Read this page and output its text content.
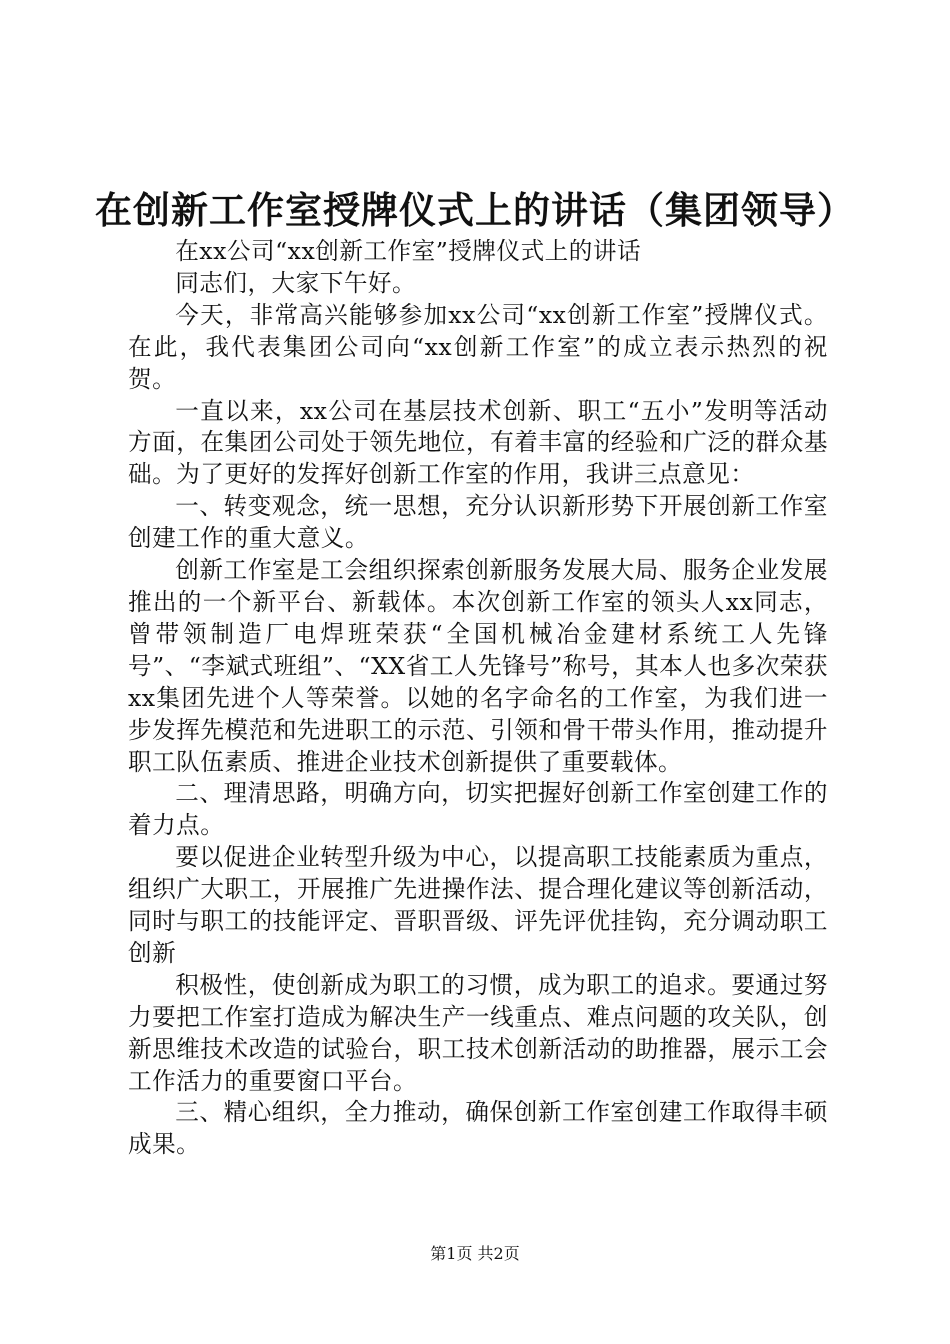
在创新工作室授牌仪式上的讲话（集团领导）

在xx公司“xx创新工作室”授牌仪式上的讲话

同志们，大家下午好。

今天，非常高兴能够参加xx公司“xx创新工作室”授牌仪式。在此，我代表集团公司向“xx创新工作室”的成立表示热烈的祝贺。

一直以来，xx公司在基层技术创新、职工“五小”发明等活动方面，在集团公司处于领先地位，有着丰富的经验和广泛的群众基础。为了更好的发挥好创新工作室的作用，我讲三点意见：

一、转变观念，统一思想，充分认识新形势下开展创新工作室创建工作的重大意义。

创新工作室是工会组织探索创新服务发展大局、服务企业发展推出的一个新平台、新载体。本次创新工作室的领头人xx同志，曾带领制造厂电焊班荣获“全国机械冶金建材系统工人先锋号”、“李斌式班组”、“XX省工人先锋号”称号，其本人也多次荣获xx集团先进个人等荣誉。以她的名字命名的工作室，为我们进一步发挥先模范和先进职工的示范、引领和骨干带头作用，推动提升职工队伍素质、推进企业技术创新提供了重要载体。

二、理清思路，明确方向，切实把握好创新工作室创建工作的着力点。

要以促进企业转型升级为中心，以提高职工技能素质为重点，组织广大职工，开展推广先进操作法、提合理化建议等创新活动，同时与职工的技能评定、晋职晋级、评先评优挂钩，充分调动职工创新

积极性，使创新成为职工的习惯，成为职工的追求。要通过努力要把工作室打造成为解决生产一线重点、难点问题的攻关队，创新思维技术改造的试验台，职工技术创新活动的助推器，展示工会工作活力的重要窗口平台。

三、精心组织，全力推动，确保创新工作室创建工作取得丰硕成果。

第1页 共2页
